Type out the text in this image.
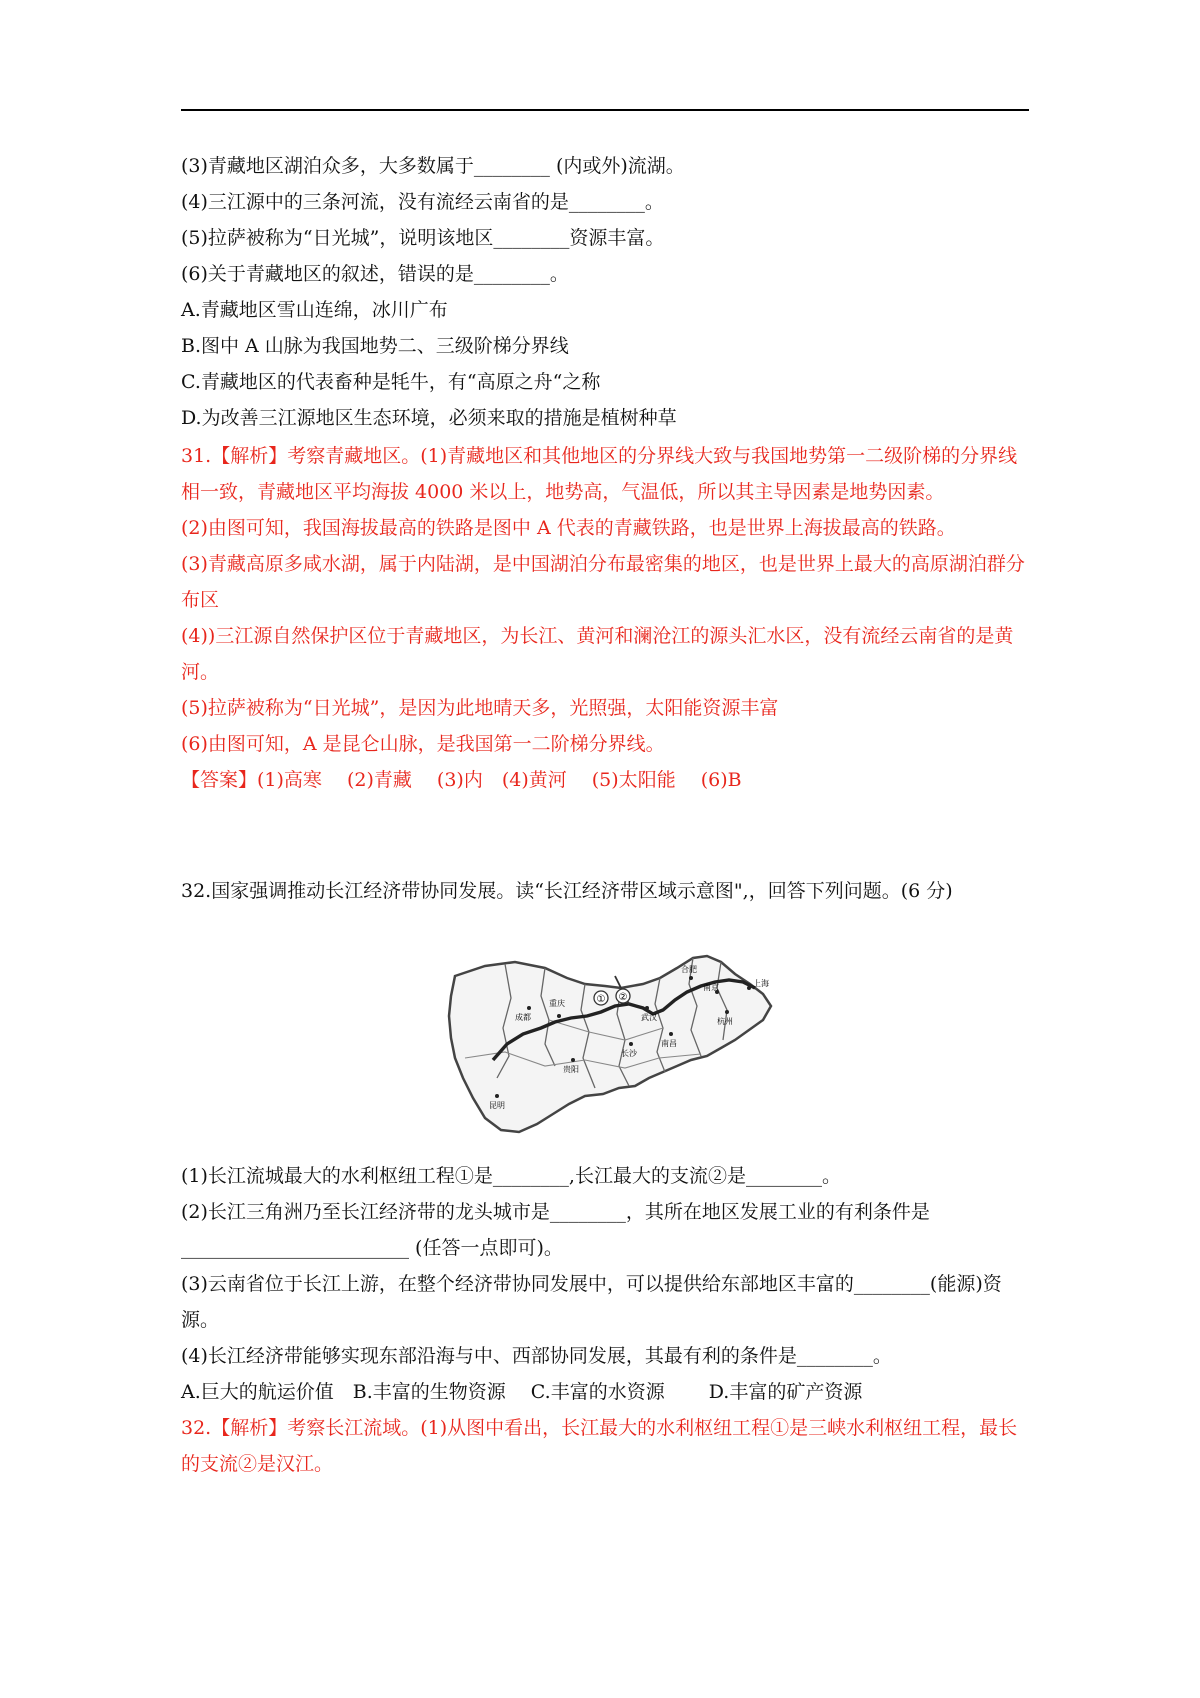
(3)青藏地区湖泊众多，大多数属于________ (内或外)流湖。
(4)三江源中的三条河流，没有流经云南省的是________。
(5)拉萨被称为“日光城”，说明该地区________资源丰富。
(6)关于青藏地区的叙述，错误的是________。
A.青藏地区雪山连绵，冰川广布
B.图中 A 山脉为我国地势二、三级阶梯分界线
C.青藏地区的代表畜种是牦牛，有“高原之舟“之称
D.为改善三江源地区生态环境，必须来取的措施是植树种草
31.【解析】考察青藏地区。(1)青藏地区和其他地区的分界线大致与我国地势第一二级阶梯的分界线相一致，青藏地区平均海拔 4000 米以上，地势高，气温低，所以其主导因素是地势因素。
(2)由图可知，我国海拔最高的铁路是图中 A 代表的青藏铁路，也是世界上海拔最高的铁路。
(3)青藏高原多咸水湖，属于内陆湖，是中国湖泊分布最密集的地区，也是世界上最大的高原湖泊群分布区
(4))三江源自然保护区位于青藏地区，为长江、黄河和澜沧江的源头汇水区，没有流经云南省的是黄河。
(5)拉萨被称为“日光城”，是因为此地晴天多，光照强，太阳能资源丰富
(6)由图可知，A 是昆仑山脉，是我国第一二阶梯分界线。
【答案】(1)高寒　 (2)青藏　 (3)内　(4)黄河　 (5)太阳能　 (6)B
32.国家强调推动长江经济带协同发展。读“长江经济带区域示意图",，回答下列问题。(6 分)
① ②
上海
南京
合肥
杭州
成都
重庆
武汉
长沙
南昌
贵阳
昆明
(1)长江流城最大的水利枢纽工程①是________,长江最大的支流②是________。
(2)长江三角洲乃至长江经济带的龙头城市是________，其所在地区发展工业的有利条件是________________________ (任答一点即可)。
(3)云南省位于长江上游，在整个经济带协同发展中，可以提供给东部地区丰富的________(能源)资源。
(4)长江经济带能够实现东部沿海与中、西部协同发展，其最有利的条件是________。
A.巨大的航运价值　B.丰富的生物资源　 C.丰富的水资源　　 D.丰富的矿产资源
32.【解析】考察长江流域。(1)从图中看出，长江最大的水利枢纽工程①是三峡水利枢纽工程，最长的支流②是汉江。
